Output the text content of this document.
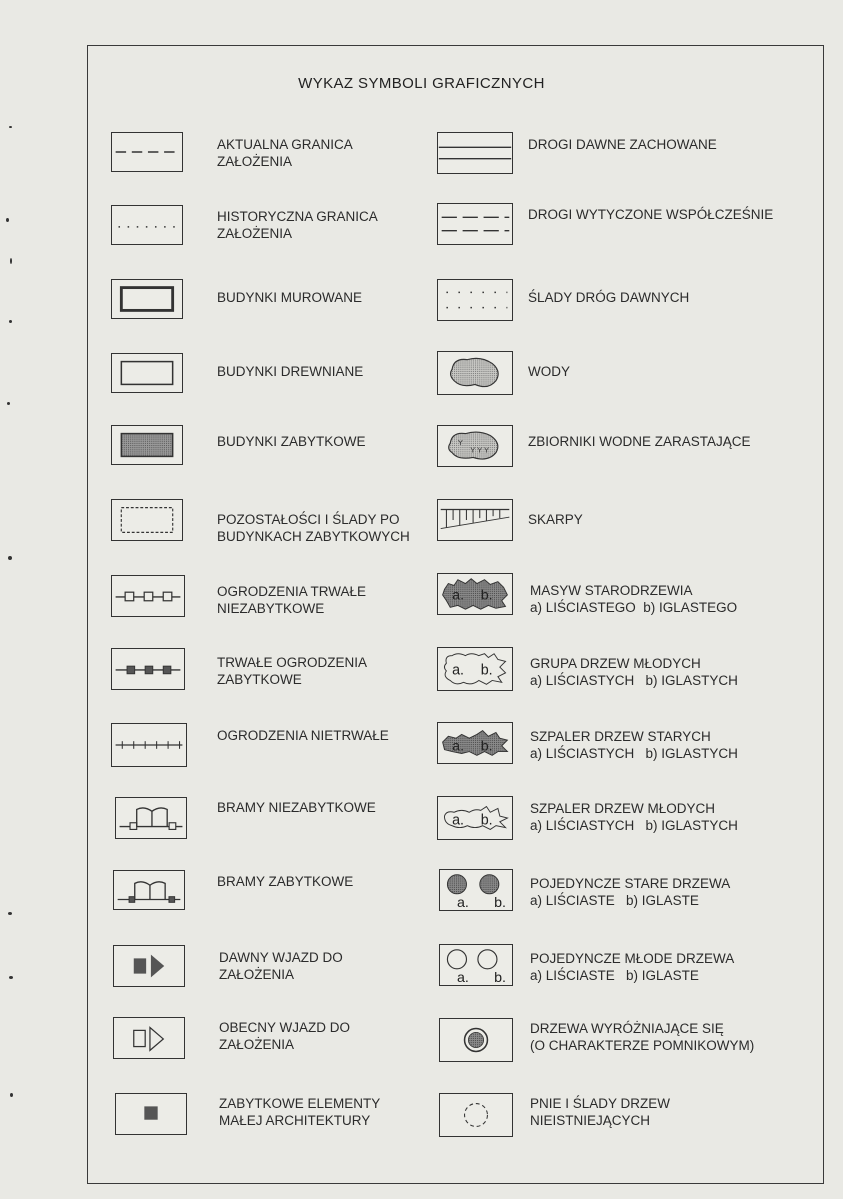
WYKAZ SYMBOLI GRAFICZNYCH
AKTUALNA GRANICA
ZAŁOŻENIA
HISTORYCZNA GRANICA
ZAŁOŻENIA
BUDYNKI MUROWANE
BUDYNKI DREWNIANE
BUDYNKI ZABYTKOWE
POZOSTAŁOŚCI I ŚLADY PO
BUDYNKACH ZABYTKOWYCH
OGRODZENIA TRWAŁE
NIEZABYTKOWE
TRWAŁE OGRODZENIA
ZABYTKOWE
OGRODZENIA NIETRWAŁE
BRAMY NIEZABYTKOWE
BRAMY ZABYTKOWE
DAWNY WJAZD DO
ZAŁOŻENIA
OBECNY WJAZD DO
ZAŁOŻENIA
ZABYTKOWE ELEMENTY
MAŁEJ ARCHITEKTURY
DROGI DAWNE ZACHOWANE
DROGI WYTYCZONE WSPÓŁCZEŚNIE
ŚLADY DRÓG DAWNYCH
WODY
Y
Y Y Y
ZBIORNIKI WODNE ZARASTAJĄCE
SKARPY
a. b.	MASYW STARODRZEWIA
a) LIŚCIASTEGO b) IGLASTEGO
a. b.	GRUPA DRZEW MŁODYCH
a) LIŚCIASTYCH b) IGLASTYCH
a. b.
SZPALER DRZEW STARYCH
a) LIŚCIASTYCH b) IGLASTYCH
a. b.
SZPALER DRZEW MŁODYCH
a) LIŚCIASTYCH b) IGLASTYCH
a. b.
POJEDYNCZE STARE DRZEWA
a) LIŚCIASTE b) IGLASTE
a. b.
POJEDYNCZE MŁODE DRZEWA
a) LIŚCIASTE b) IGLASTE
DRZEWA WYRÓŻNIAJĄCE SIĘ
(O CHARAKTERZE POMNIKOWYM)
PNIE I ŚLADY DRZEW
NIEISTNIEJĄCYCH
